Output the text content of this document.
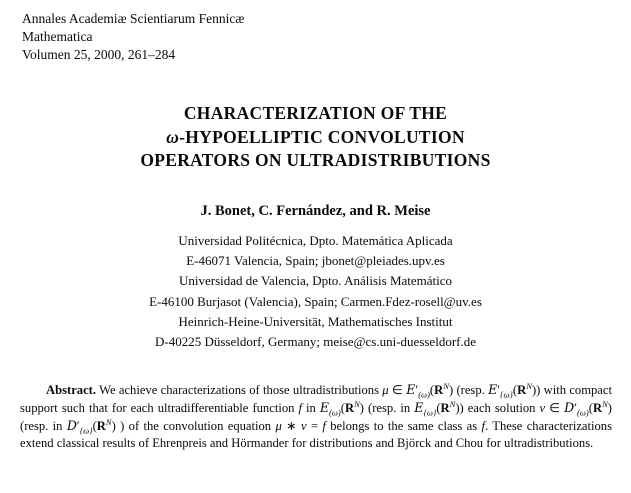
Annales Academiæ Scientiarum Fennicæ
Mathematica
Volumen 25, 2000, 261–284
CHARACTERIZATION OF THE
ω-HYPOELLIPTIC CONVOLUTION
OPERATORS ON ULTRADISTRIBUTIONS
J. Bonet, C. Fernández, and R. Meise
Universidad Politécnica, Dpto. Matemática Aplicada
E-46071 Valencia, Spain; jbonet@pleiades.upv.es
Universidad de Valencia, Dpto. Análisis Matemático
E-46100 Burjasot (Valencia), Spain; Carmen.Fdez-rosell@uv.es
Heinrich-Heine-Universität, Mathematisches Institut
D-40225 Düsseldorf, Germany; meise@cs.uni-duesseldorf.de

Abstract. We achieve characterizations of those ultradistributions μ ∈ $E'_{(\omega)}(R^N)$ (resp. $E'_{\{\omega\}}(R^N)$) with compact support such that for each ultradifferentiable function f in $E_{(\omega)}(R^N)$ (resp. in $E_{\{\omega\}}(R^N)$) each solution ν ∈ $D'_{(\omega)}(R^N)$ (resp. in $D'_{\{\omega\}}(R^N)$ ) of the convolution equation μ ∗ ν = f belongs to the same class as f. These characterizations extend classical results of Ehrenpreis and Hörmander for distributions and Björck and Chou for ultradistributions.
